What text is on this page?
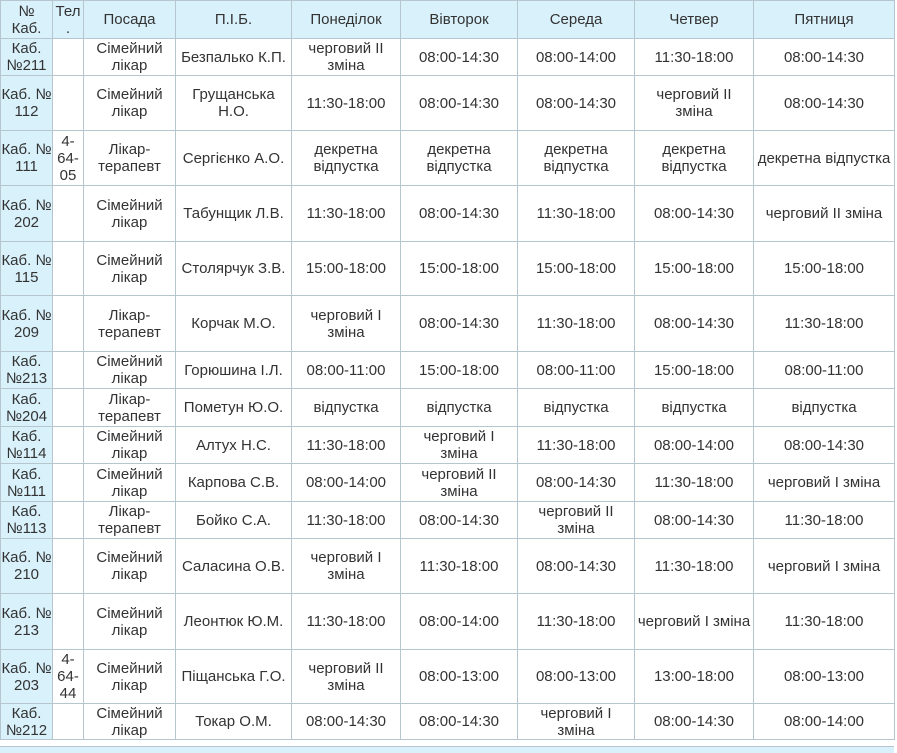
№ Каб.	Тел.	Посада	П.І.Б.	Понеділок	Вівторок	Середа	Четвер	Пятниця
Каб. №211		Сімейний лікар	Безпалько К.П.	черговий ІІ зміна	08:00-14:30	08:00-14:00	11:30-18:00	08:00-14:30
Каб. № 112		Сімейний лікар	Грущанська Н.О.	11:30-18:00	08:00-14:30	08:00-14:30	черговий ІІ зміна	08:00-14:30
Каб. № 111	4-64-05	Лікар-терапевт	Сергієнко А.О.	декретна відпустка	декретна відпустка	декретна відпустка	декретна відпустка	декретна відпустка
Каб. № 202		Сімейний лікар	Табунщик Л.В.	11:30-18:00	08:00-14:30	11:30-18:00	08:00-14:30	черговий ІІ зміна
Каб. № 115		Сімейний лікар	Столярчук З.В.	15:00-18:00	15:00-18:00	15:00-18:00	15:00-18:00	15:00-18:00
Каб. № 209		Лікар-терапевт	Корчак М.О.	черговий І зміна	08:00-14:30	11:30-18:00	08:00-14:30	11:30-18:00
Каб. №213		Сімейний лікар	Горюшина І.Л.	08:00-11:00	15:00-18:00	08:00-11:00	15:00-18:00	08:00-11:00
Каб. №204		Лікар-терапевт	Пометун Ю.О.	відпустка	відпустка	відпустка	відпустка	відпустка
Каб. №114		Сімейний лікар	Алтух Н.С.	11:30-18:00	черговий І зміна	11:30-18:00	08:00-14:00	08:00-14:30
Каб. №111		Сімейний лікар	Карпова С.В.	08:00-14:00	черговий ІІ зміна	08:00-14:30	11:30-18:00	черговий І зміна
Каб. №113		Лікар-терапевт	Бойко С.А.	11:30-18:00	08:00-14:30	черговий ІІ зміна	08:00-14:30	11:30-18:00
Каб. № 210		Сімейний лікар	Саласина О.В.	черговий І зміна	11:30-18:00	08:00-14:30	11:30-18:00	черговий І зміна
Каб. № 213		Сімейний лікар	Леонтюк Ю.М.	11:30-18:00	08:00-14:00	11:30-18:00	черговий І зміна	11:30-18:00
Каб. № 203	4-64-44	Сімейний лікар	Піщанська Г.О.	черговий ІІ зміна	08:00-13:00	08:00-13:00	13:00-18:00	08:00-13:00
Каб. №212		Сімейний лікар	Токар О.М.	08:00-14:30	08:00-14:30	черговий І зміна	08:00-14:30	08:00-14:00
